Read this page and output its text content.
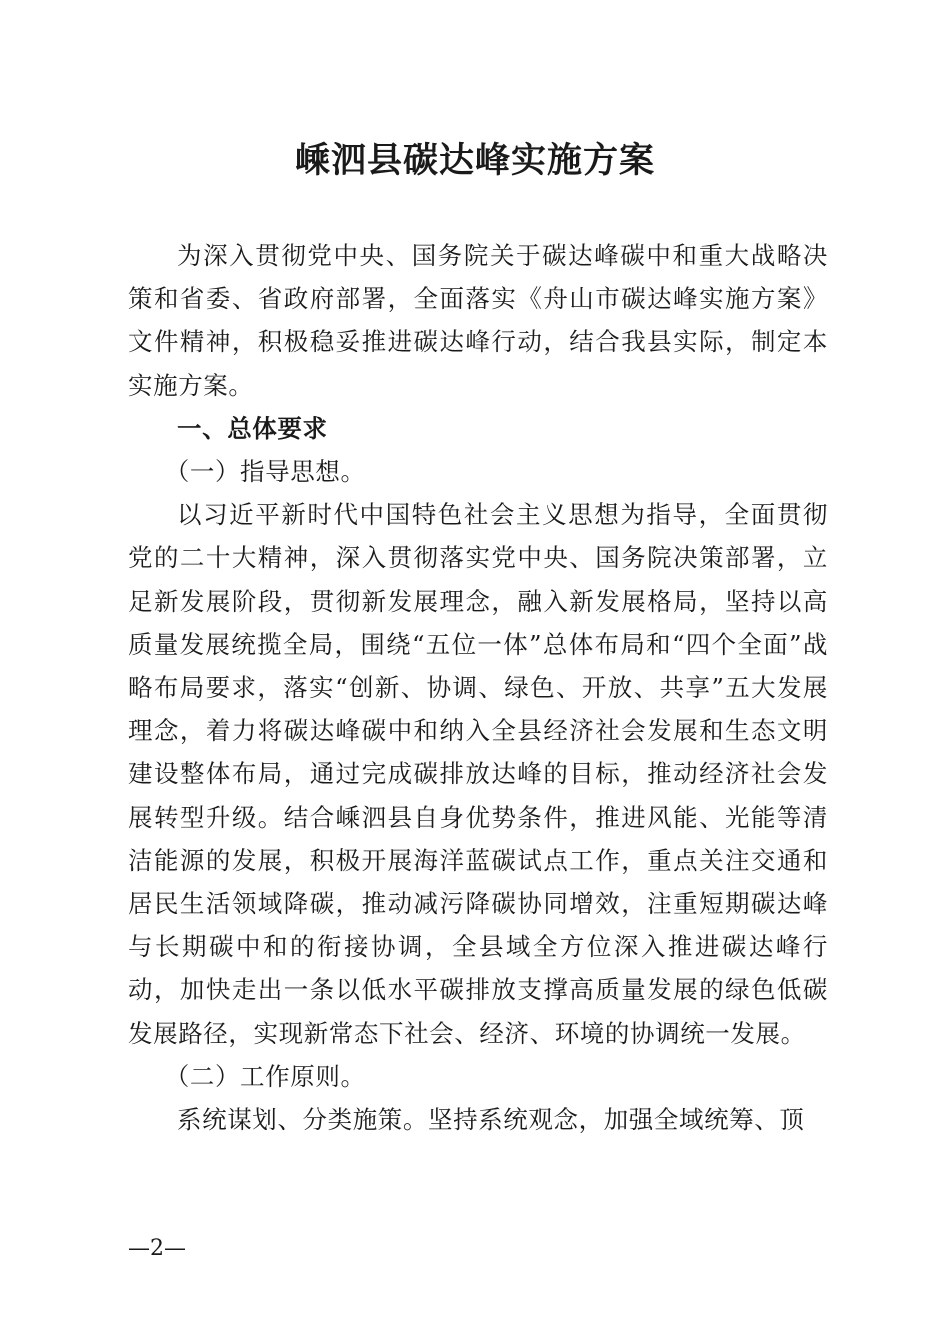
嵊泗县碳达峰实施方案

为深入贯彻党中央、国务院关于碳达峰碳中和重大战略决策和省委、省政府部署，全面落实《舟山市碳达峰实施方案》文件精神，积极稳妥推进碳达峰行动，结合我县实际，制定本实施方案。

一、总体要求

（一）指导思想。

以习近平新时代中国特色社会主义思想为指导，全面贯彻党的二十大精神，深入贯彻落实党中央、国务院决策部署，立足新发展阶段，贯彻新发展理念，融入新发展格局，坚持以高质量发展统揽全局，围绕“五位一体”总体布局和“四个全面”战略布局要求，落实“创新、协调、绿色、开放、共享”五大发展理念，着力将碳达峰碳中和纳入全县经济社会发展和生态文明建设整体布局，通过完成碳排放达峰的目标，推动经济社会发展转型升级。结合嵊泗县自身优势条件，推进风能、光能等清洁能源的发展，积极开展海洋蓝碳试点工作，重点关注交通和居民生活领域降碳，推动减污降碳协同增效，注重短期碳达峰与长期碳中和的衔接协调，全县域全方位深入推进碳达峰行动，加快走出一条以低水平碳排放支撑高质量发展的绿色低碳发展路径，实现新常态下社会、经济、环境的协调统一发展。

（二）工作原则。

系统谋划、分类施策。坚持系统观念，加强全域统筹、顶

—2—
